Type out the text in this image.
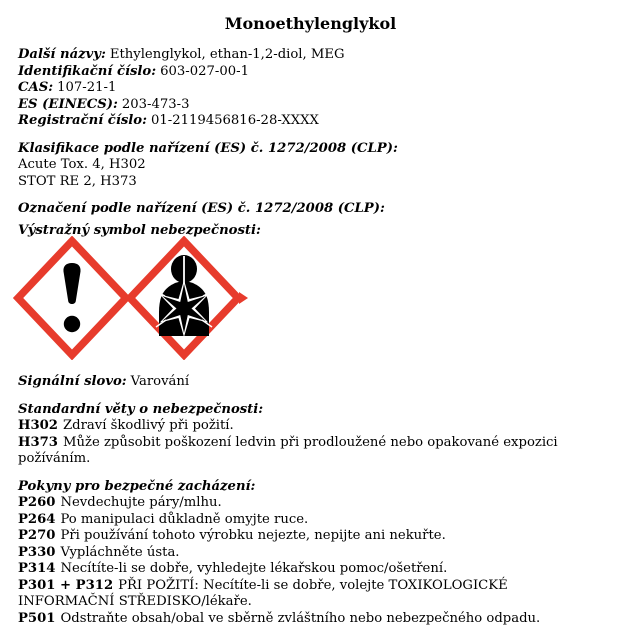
Monoethylenglykol

Další názvy: Ethylenglykol, ethan-1,2-diol, MEG

Identifikační číslo: 603-027-00-1

CAS: 107-21-1

ES (EINECS): 203-473-3

Registrační číslo: 01-2119456816-28-XXXX

Klasifikace podle nařízení (ES) č. 1272/2008 (CLP):

Acute Tox. 4, H302

STOT RE 2, H373

Označení podle nařízení (ES) č. 1272/2008 (CLP):

Výstražný symbol nebezpečnosti:

Signální slovo: Varování

Standardní věty o nebezpečnosti:

H302 Zdraví škodlivý při požití.

H373 Může způsobit poškození ledvin při prodloužené nebo opakované expozici  požíváním.

Pokyny pro bezpečné zacházení:

P260 Nevdechujte páry/mlhu.

P264 Po manipulaci důkladně omyjte ruce.

P270 Při používání tohoto výrobku nejezte, nepijte ani nekuřte.

P330 Vypláchněte ústa.

P314 Necítíte-li se dobře, vyhledejte lékařskou pomoc/ošetření.

P301 + P312 PŘI POŽITÍ: Necítíte-li se dobře, volejte TOXIKOLOGICKÉ INFORMAČNÍ STŘEDISKO/lékaře.

P501 Odstraňte obsah/obal ve sběrně zvláštního nebo nebezpečného odpadu.
